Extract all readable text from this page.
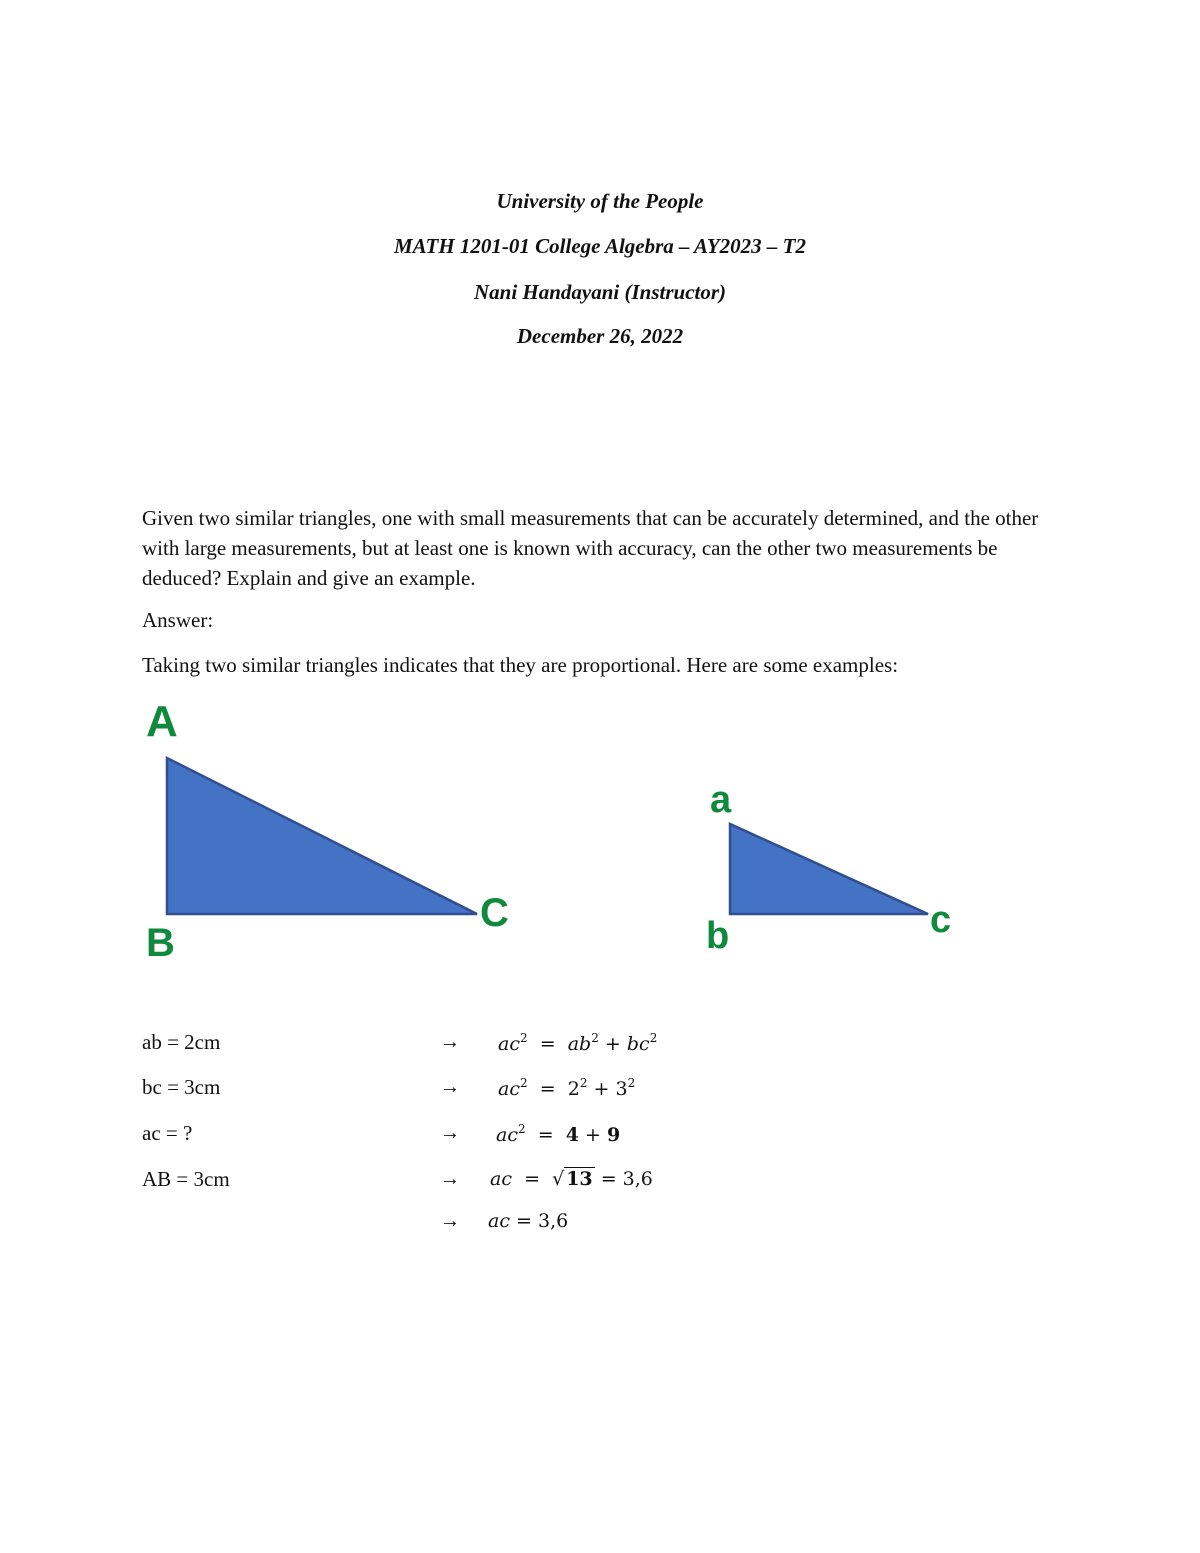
University of the People
MATH 1201-01 College Algebra – AY2023 – T2
Nani Handayani (Instructor)
December 26, 2022
Given two similar triangles, one with small measurements that can be accurately determined, and the other with large measurements, but at least one is known with accuracy, can the other two measurements be deduced? Explain and give an example.
Answer:
Taking two similar triangles indicates that they are proportional. Here are some examples:
A
B
C
a
b	c
ab = 2cm
bc = 3cm
ac = ?
AB = 3cm
→
→
→
→
→
$ac^2 = ab^2 + bc^2$
$ac^2 = 2^2 + 3^2$
$ac^2 = 4 + 9$
ac = √ 13 = 3,6
ac = 3,6
